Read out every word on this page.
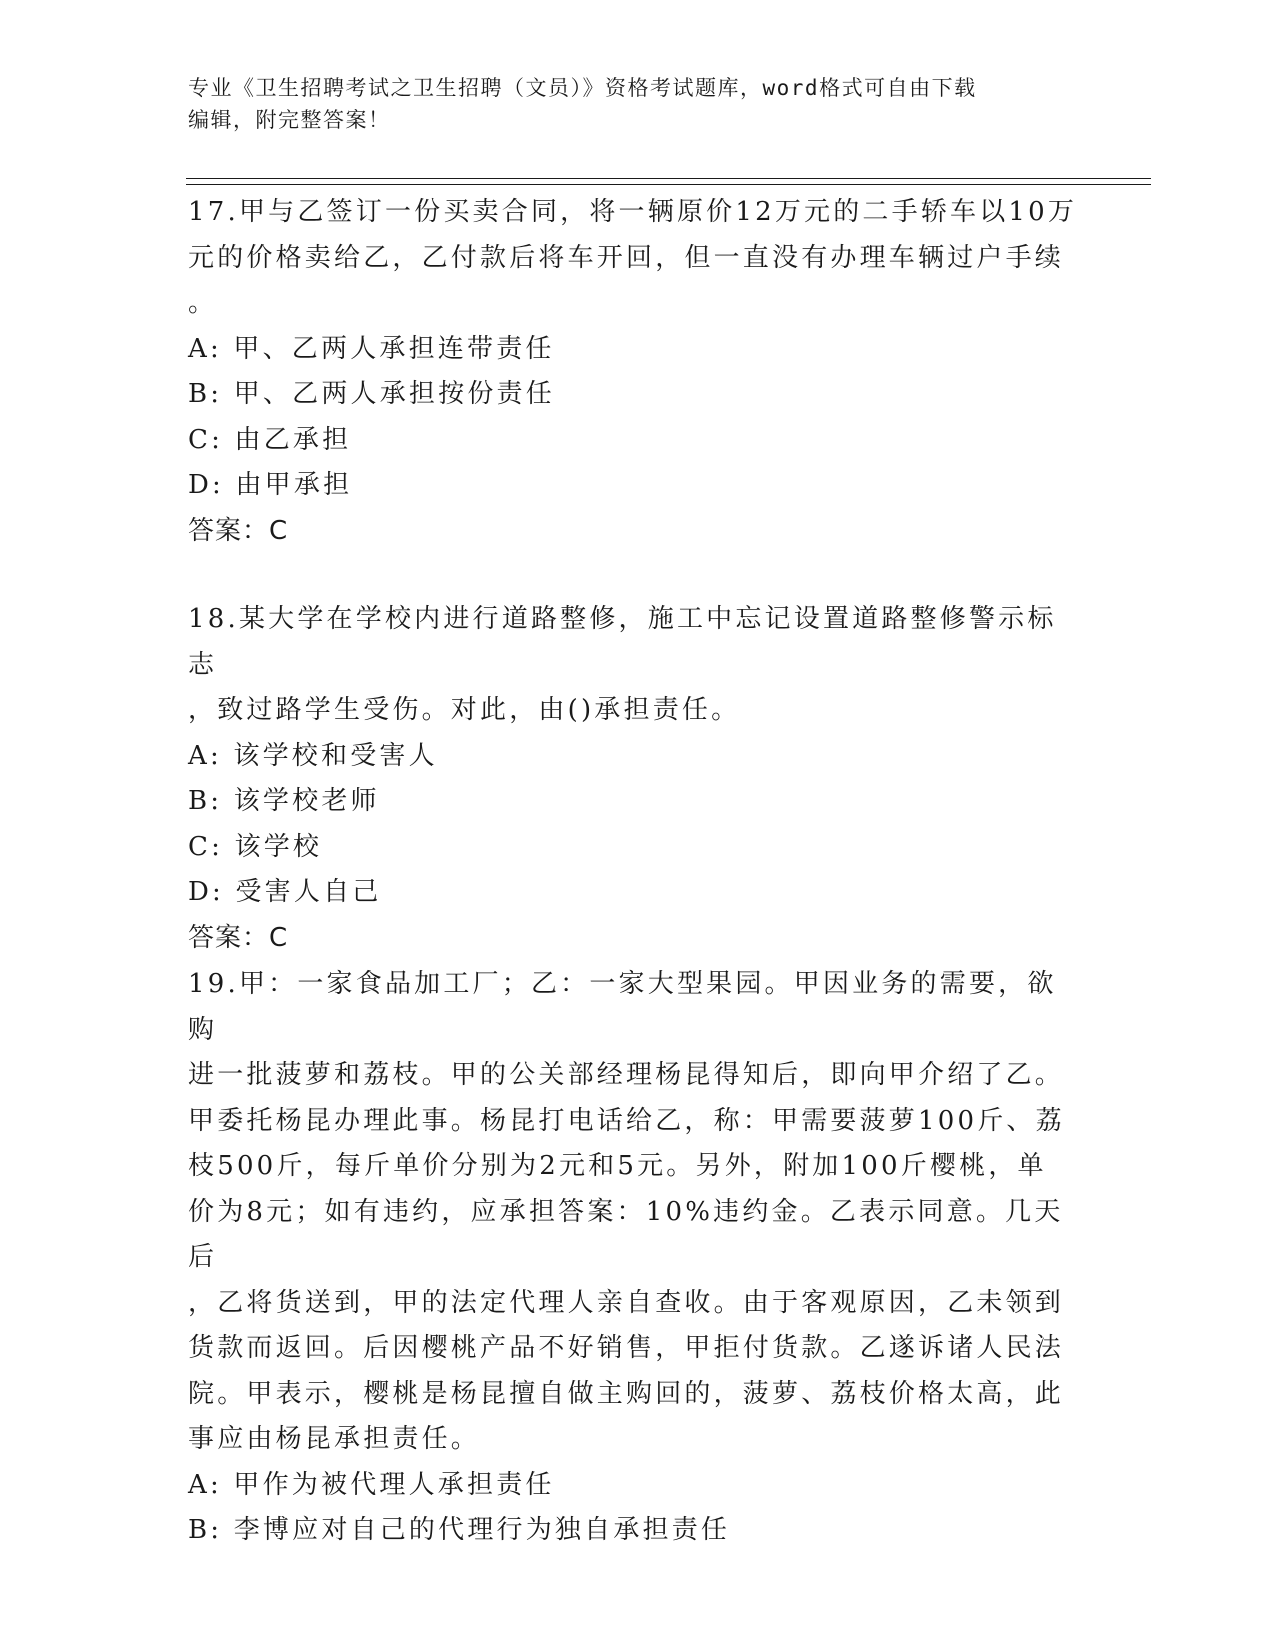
专业《卫生招聘考试之卫生招聘（文员）》资格考试题库，word格式可自由下载
编辑，附完整答案！

17.甲与乙签订一份买卖合同，将一辆原价12万元的二手轿车以10万

元的价格卖给乙，乙付款后将车开回，但一直没有办理车辆过户手续

。

A: 甲、乙两人承担连带责任

B: 甲、乙两人承担按份责任

C: 由乙承担

D: 由甲承担

答案：C

18.某大学在学校内进行道路整修，施工中忘记设置道路整修警示标志

，致过路学生受伤。对此，由()承担责任。

A: 该学校和受害人

B: 该学校老师

C: 该学校

D: 受害人自己

答案：C

19.甲：一家食品加工厂；乙：一家大型果园。甲因业务的需要，欲购

进一批菠萝和荔枝。甲的公关部经理杨昆得知后，即向甲介绍了乙。

甲委托杨昆办理此事。杨昆打电话给乙，称：甲需要菠萝100斤、荔

枝500斤，每斤单价分别为2元和5元。另外，附加100斤樱桃，单

价为8元；如有违约，应承担答案：10%违约金。乙表示同意。几天后

，乙将货送到，甲的法定代理人亲自查收。由于客观原因，乙未领到

货款而返回。后因樱桃产品不好销售，甲拒付货款。乙遂诉诸人民法

院。甲表示，樱桃是杨昆擅自做主购回的，菠萝、荔枝价格太高，此

事应由杨昆承担责任。

A: 甲作为被代理人承担责任

B: 李博应对自己的代理行为独自承担责任
